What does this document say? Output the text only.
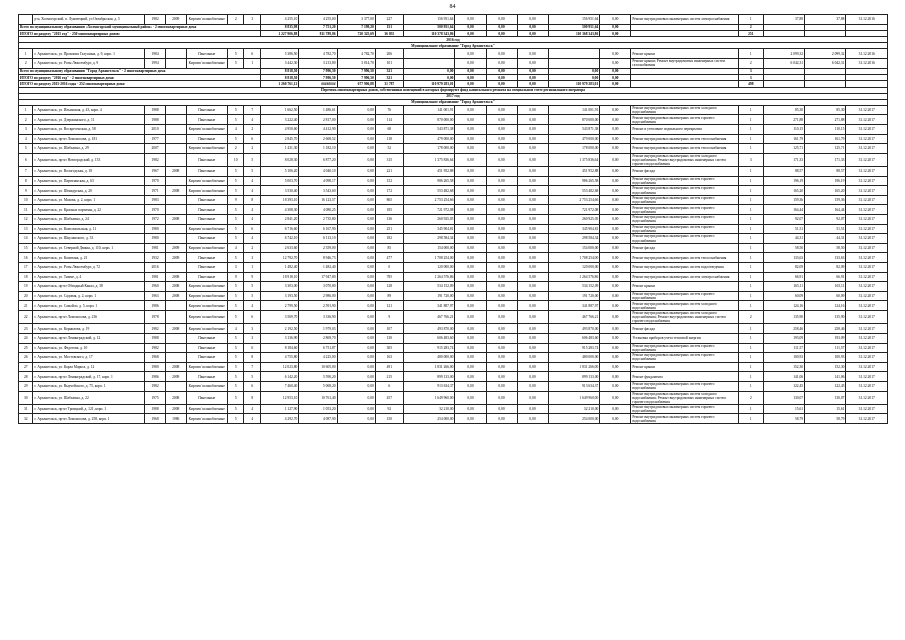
84
	р-н, Холмогорский, п. Луковецкий, ул Октябрьская, д. 5	1982	2009	Кирпич/ шлакоблочные	2	3	4 255,10	4 255,00	3 377,00	227	156 951,64	0,00	0,00	0,00	156 951,64	0,00	Ремонт внутридомовых инженерных систем электроснабжения	1	37,88	37,88	31.12.2016
Всего по муниципальному образованию «Холмогорский муниципальный район» - 2 многоквартирных дома							8 835,98	7 751,20	7 199,20	151	500 951,64	0,00	0,00	0,00	500 951,64	0,00		2			
ИТОГО по разделу "2015 год" - 250 многоквартирных домов:							1 227 906,88	811 789,86	720 325,69	36 055	110 378 343,86	0,00	0,00	0,00	110 368 343,86	0,00		251			
2016 год																					
Муниципальное образование "Город Архангельск"																					
1	г. Архангельск, ул. Прокопия Галушина, д. 9, корп. 1	1984		Панельные	5	6	5 386,50	4 782,70	4 782,70	206		0,00	0,00	0,00		0,00	Ремонт крыши	1	2 099,32	2 099,32	31.12.2016
2	г. Архангельск, ул. Розы Люксембург, д. 9	1994		Кирпич/ шлакоблочные	5	1	3 442,30	3 213,80	3 014,70	101		0,00	0,00	0,00		0,00	Ремонт крыши; Ремонт внутридомовых инженерных систем газоснабжения	2	6 042,31	6 042,31	31.12.2016
Всего по муниципальному образованию "Город Архангельск" - 2 многоквартирных дома							8 818,50	7 996,50	7 996,50	321	0,00	0,00	0,00	0,00	0,00	0,00		3			
ИТОГО по разделу "2016 год" - 2 многоквартирных дома:							8 818,50	7 996,50	7 996,50	321	0,00	0,00	0,00	0,00	0,00	0,00		3			
ИТОГО по разделу 2015-2016 годы - 252 многоквартирных дома:							1 260 761,12	########	677 906,88	31 787	110 979 283,01	0,00	0,00	0,00	110 979 283,01	0,00		498			
Перечень многоквартирных домов, собственники помещений в которых формируют фонд капитального ремонта на специальном счете регионального оператора																					
2017 год																					
Муниципальное образование "Город Архангельск"																					
1	г. Архангельск, ул. Ильинская, д. 43, корп. 4	1988		Панельные	5	7	1 662,50	1 486,61	0,00	76	141 001,91	0,00	0,00	0,00	141 001,91	0,00	Ремонт внутридомовых инженерных систем холодного водоснабжения	1	85,30	85,30	31.12.2017
2	г. Архангельск, ул. Дзержинского, д. 11	1988		Панельные	5	4	3 222,40	2 817,00	0,00	114	870 000,00	0,00	0,00	0,00	870 000,00	0,00	Ремонт внутридомовых инженерных систем горячего водоснабжения	1	271,88	271,88	31.12.2017
3	г. Архангельск, ул. Воскресенская, д. 58	2010		Кирпич/ шлакоблочные	4	2	4 950,60	4 412,90	0,00	68	543 871,38	0,00	0,00	0,00	543 871,38	0,00	Ремонт и утепление подвального перекрытия	1	110,15	110,15	31.12.2017
4	г. Архангельск, пр-кт Ломоносова, д. 181	1977		Панельные	5	6	2 845,70	2 668,52	0,00	118	479 000,00	0,00	0,00	0,00	479 000,00	0,00	Ремонт внутридомовых инженерных систем теплоснабжения	1	161,79	161,79	31.12.2017
5	г. Архангельск, ул. Шабалина, д. 29	2007		Кирпич/ шлакоблочные	2	2	1 431,30	1 182,10	0,00	52	178 000,00	0,00	0,00	0,00	178 000,00	0,00	Ремонт внутридомовых инженерных систем теплоснабжения	1	125,71	125,71	31.12.2017
6	г. Архангельск, пр-кт Новгородский, д. 153	1982		Панельные	10	5	8 028,30	6 877,20	0,00	315	1 375 836,64	0,00	0,00	0,00	1 375 836,64	0,00	Ремонт внутридомовых инженерных систем холодного водоснабжения; Ремонт внутридомовых инженерных систем горячего водоснабжения	3	171,33	171,33	31.12.2017
7	г. Архангельск, ул. Вологодская, д. 18	1967	2008	Панельные	5	5	5 106,20	4 040,10	0,00	221	451 952,88	0,00	0,00	0,00	451 952,88	0,00	Ремонт фасада	1	88,57	88,57	31.12.2017
8	г. Архангельск, ул. Партизанская, д. 63	1970		Кирпич/ шлакоблочные	5	4	5 003,70	4 098,17	0,00	152	986 265,58	0,00	0,00	0,00	986 265,58	0,00	Ремонт внутридомовых инженерных систем горячего водоснабжения	1	196,19	196,19	31.12.2017
9	г. Архангельск, ул. Шенкурская, д. 20	1971	2008	Кирпич/ шлакоблочные	5	4	3 530,40	3 543,60	0,00	172	553 482,68	0,00	0,00	0,00	553 482,68	0,00	Ремонт внутридомовых инженерных систем горячего водоснабжения	1	165,20	165,20	31.12.2017
10	г. Архангельск, ул. Махова, д. 2, корп. 1	1983		Панельные	9	8	18 393,10	16 123,57	0,00	865	2 753 254,66	0,00	0,00	0,00	2 753 254,66	0,00	Ремонт внутридомовых инженерных систем горячего водоснабжения	1	159,36	159,36	31.12.2017
11	г. Архангельск, ул. Красных партизан, д. 22	1970		Панельные	5	4	4 308,30	4 080,25	0,00	185	721 972,08	0,00	0,00	0,00	721 972,08	0,00	Ремонт внутридомовых инженерных систем горячего водоснабжения	1	164,44	164,44	31.12.2017
12	г. Архангельск, ул. Шабалина, д. 24	1972	2008	Панельные	5	4	2 841,20	2 735,80	0,00	136	260 925,05	0,00	0,00	0,00	260 925,05	0,00	Ремонт внутридомовых инженерных систем горячего водоснабжения	1	92,07	92,07	31.12.2017
13	г. Архангельск, ул. Комсомольская, д. 11	1980		Кирпич/ шлакоблочные	5	6	6 716,60	6 167,90	0,00	251	345 904,81	0,00	0,00	0,00	345 904,81	0,00	Ремонт внутридомовых инженерных систем горячего водоснабжения	1	51,51	51,51	31.12.2017
14	г. Архангельск, ул. Шкуланского, д. 33	1980		Панельные	5	4	6 742,10	6 113,10	0,00	182	298 584,34	0,00	0,00	0,00	298 584,34	0,00	Ремонт внутридомовых инженерных систем горячего водоснабжения	1	44,31	44,31	31.12.2017
15	г. Архангельск, ул. Северной Двины, д. 110, корп. 1	1981	2009	Кирпич/ шлакоблочные	4	2	2 633,60	2 359,00	0,00	85	154 000,00	0,00	0,00	0,00	154 000,00	0,00	Ремонт фасада	1	58,50	58,50	31.12.2017
16	г. Архангельск, ул. Капитана, д. 21	1932	2009	Панельные	5	3	12 792,70	8 946,73	0,00	477	1 708 254,00	0,00	0,00	0,00	1 708 254,00	0,00	Ремонт внутридомовых инженерных систем теплоснабжения	1	133,63	133,63	31.12.2017
17	г. Архангельск, ул. Розы Люксембург, д. 72	2016		Панельные	3	1	1 482,40	1 482,40	0,00	0	120 000,00	0,00	0,00	0,00	120 000,00	0,00	Ремонт внутридомовых инженерных систем водоотведения	1	82,09	82,09	31.12.2017
18	г. Архангельск, ул. Тимме, д. 4	1981	2008	Панельные	9	9	18 918,10	17 947,80	0,00	785	1 264 576,86	0,00	0,00	0,00	1 264 576,86	0,00	Ремонт внутридомовых инженерных систем электроснабжения	1	66,91	66,91	31.12.2017
19	г. Архангельск, пр-кт Обводный Канал, д. 38	1960	2008	Кирпич/ шлакоблочные	5	5	3 303,00	3 070,80	0,00	128	534 152,09	0,00	0,00	0,00	534 152,09	0,00	Ремонт крыши	1	165,11	165,11	31.12.2017
20	г. Архангельск, ул. Садовая, д. 2, корп. 1	1963	2008	Кирпич/ шлакоблочные	5	5	3 193,50	2 986,00	0,00	89	191 720,00	0,00	0,00	0,00	191 720,00	0,00	Ремонт внутридомовых инженерных систем горячего водоснабжения	1	60,09	60,09	31.12.2017
21	г. Архангельск, ул. Самойло, д. 5, корп. 1	1986		Кирпич/ шлакоблочные	5	4	2 799,50	2 591,90	0,00	121	341 887,97	0,00	0,00	0,00	341 887,97	0,00	Ремонт внутридомовых инженерных систем холодного водоснабжения	1	124,16	124,16	31.12.2017
22	г. Архангельск, пр-кт Ломоносова, д. 236	1978		Кирпич/ шлакоблочные	5	6	3 569,70	3 336,90	0,00	9	467 766,21	0,00	0,00	0,00	467 766,21	0,00	Ремонт внутридомовых инженерных систем холодного водоснабжения; Ремонт внутридомовых инженерных систем горячего водоснабжения	2	135,90	135,90	31.12.2017
23	г. Архангельск, ул. Корнилова, д. 19	1982	2008	Кирпич/ шлакоблочные	4	3	2 192,50	1 979,03	0,00	107	493 870,00	0,00	0,00	0,00	493 870,00	0,00	Ремонт фасада	1	258,46	258,46	31.12.2017
24	г. Архангельск, пр-кт Ленинградский, д. 12	1988		Панельные	5	3	3 136,90	2 869,70	0,00	130	606 483,60	0,00	0,00	0,00	606 483,60	0,00	Установка приборов учета тепловой энергии	1	193,09	193,09	31.12.2017
25	г. Архангельск, ул. Федотова, д. 10	1982		Панельные	5	6	8 184,60	6 751,87	0,00	305	915 283,74	0,00	0,00	0,00	915 283,74	0,00	Ремонт внутридомовых инженерных систем горячего водоснабжения	1	111,57	111,57	31.12.2017
26	г. Архангельск, ул. Мостовского, д. 17	1968		Панельные	5	8	4 755,80	4 225,00	0,00	163	480 000,00	0,00	0,00	0,00	480 000,00	0,00	Ремонт внутридомовых инженерных систем горячего водоснабжения	1	100,93	100,93	31.12.2017
27	г. Архангельск, ул. Карла Маркса, д. 12	1980	2008	Кирпич/ шлакоблочные	5	7	12 023,80	10 605,00	0,00	491	1 831 266,00	0,00	0,00	0,00	1 831 266,00	0,00	Ремонт крыши	1	152,30	152,30	31.12.2017
28	г. Архангельск, пр-кт Ленинградский, д. 17, корп. 1	1986	2009	Панельные	5	5	6 142,20	5 590,20	0,00	215	899 133,00	0,00	0,00	0,00	899 133,00	0,00	Ремонт фундамента	1	141,06	141,06	31.12.2017
29	г. Архангельск, ул. Выучейского, д. 75, корп. 1	1982		Кирпич/ шлакоблочные	5	6	7 460,40	5 068,20	0,00	6	913 634,37	0,00	0,00	0,00	913 634,37	0,00	Ремонт внутридомовых инженерных систем горячего водоснабжения	1	122,45	122,45	31.12.2017
30	г. Архангельск, ул. Шабалина, д. 22	1975	2008	Панельные	5	8	12 953,10	10 761,40	0,00	457	1 649 960,00	0,00	0,00	0,00	1 649 960,00	0,00	Ремонт внутридомовых инженерных систем холодного водоснабжения; Ремонт внутридомовых инженерных систем горячего водоснабжения	2	130,07	130,07	31.12.2017
31	г. Архангельск, пр-кт Троицкий, д. 121, корп. 1	1988	2008	Кирпич/ шлакоблочные	5	4	1 127,90	1 053,20	0,00	92	32 210,00	0,00	0,00	0,00	32 210,00	0,00	Ремонт внутридомовых инженерных систем горячего водоснабжения	1	15,61	15,61	31.12.2017
32	г. Архангельск, пр-кт Ломоносова, д. 258, корп. 1	1968	1986	Кирпич/ шлакоблочные	5	4	4 292,70	4 087,90	0,00	150	254 000,00	0,00	0,00	0,00	254 000,00	0,00	Ремонт внутридомовых инженерных систем горячего водоснабжения	1	58,79	58,79	31.12.2017
